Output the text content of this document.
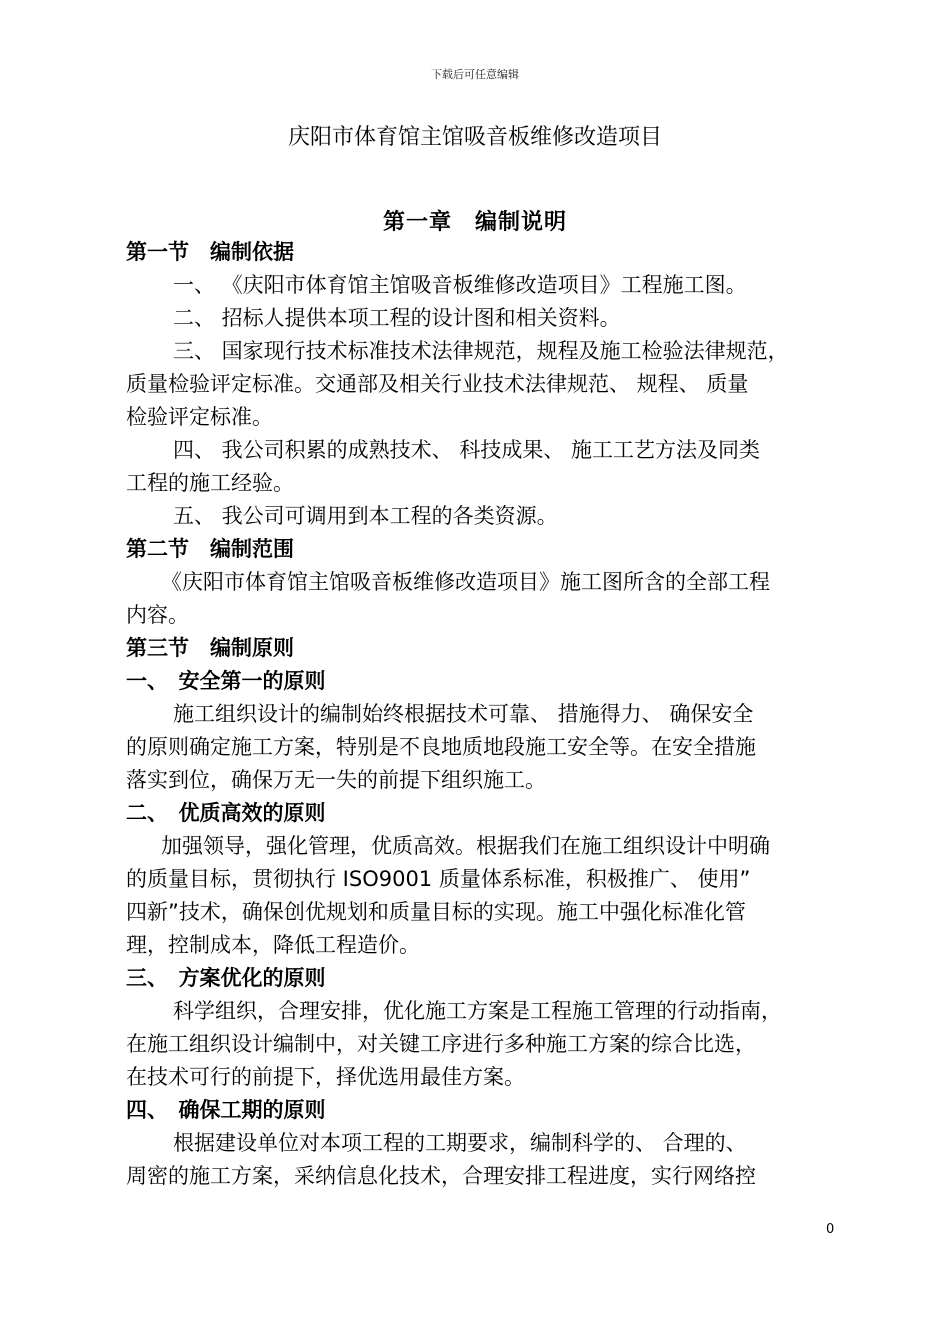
下载后可任意编辑
庆阳市体育馆主馆吸音板维修改造项目
第一章　编制说明
第一节　编制依据
一、 《庆阳市体育馆主馆吸音板维修改造项目》工程施工图。
二、 招标人提供本项工程的设计图和相关资料。
三、 国家现行技术标准技术法律规范，规程及施工检验法律规范，
质量检验评定标准。交通部及相关行业技术法律规范、 规程、 质量
检验评定标准。
四、 我公司积累的成熟技术、 科技成果、 施工工艺方法及同类
工程的施工经验。
五、 我公司可调用到本工程的各类资源。
第二节　编制范围
《庆阳市体育馆主馆吸音板维修改造项目》施工图所含的全部工程
内容。
第三节　编制原则
一、　安全第一的原则
施工组织设计的编制始终根据技术可靠、 措施得力、 确保安全
的原则确定施工方案，特别是不良地质地段施工安全等。在安全措施
落实到位，确保万无一失的前提下组织施工。
二、　优质高效的原则
加强领导，强化管理，优质高效。根据我们在施工组织设计中明确
的质量目标，贯彻执行 ISO9001 质量体系标准，积极推广、 使用”
四新”技术，确保创优规划和质量目标的实现。施工中强化标准化管
理，控制成本，降低工程造价。
三、　方案优化的原则
科学组织，合理安排，优化施工方案是工程施工管理的行动指南，
在施工组织设计编制中，对关键工序进行多种施工方案的综合比选，
在技术可行的前提下，择优选用最佳方案。
四、　确保工期的原则
根据建设单位对本项工程的工期要求，编制科学的、 合理的、
周密的施工方案，采纳信息化技术，合理安排工程进度，实行网络控
0
